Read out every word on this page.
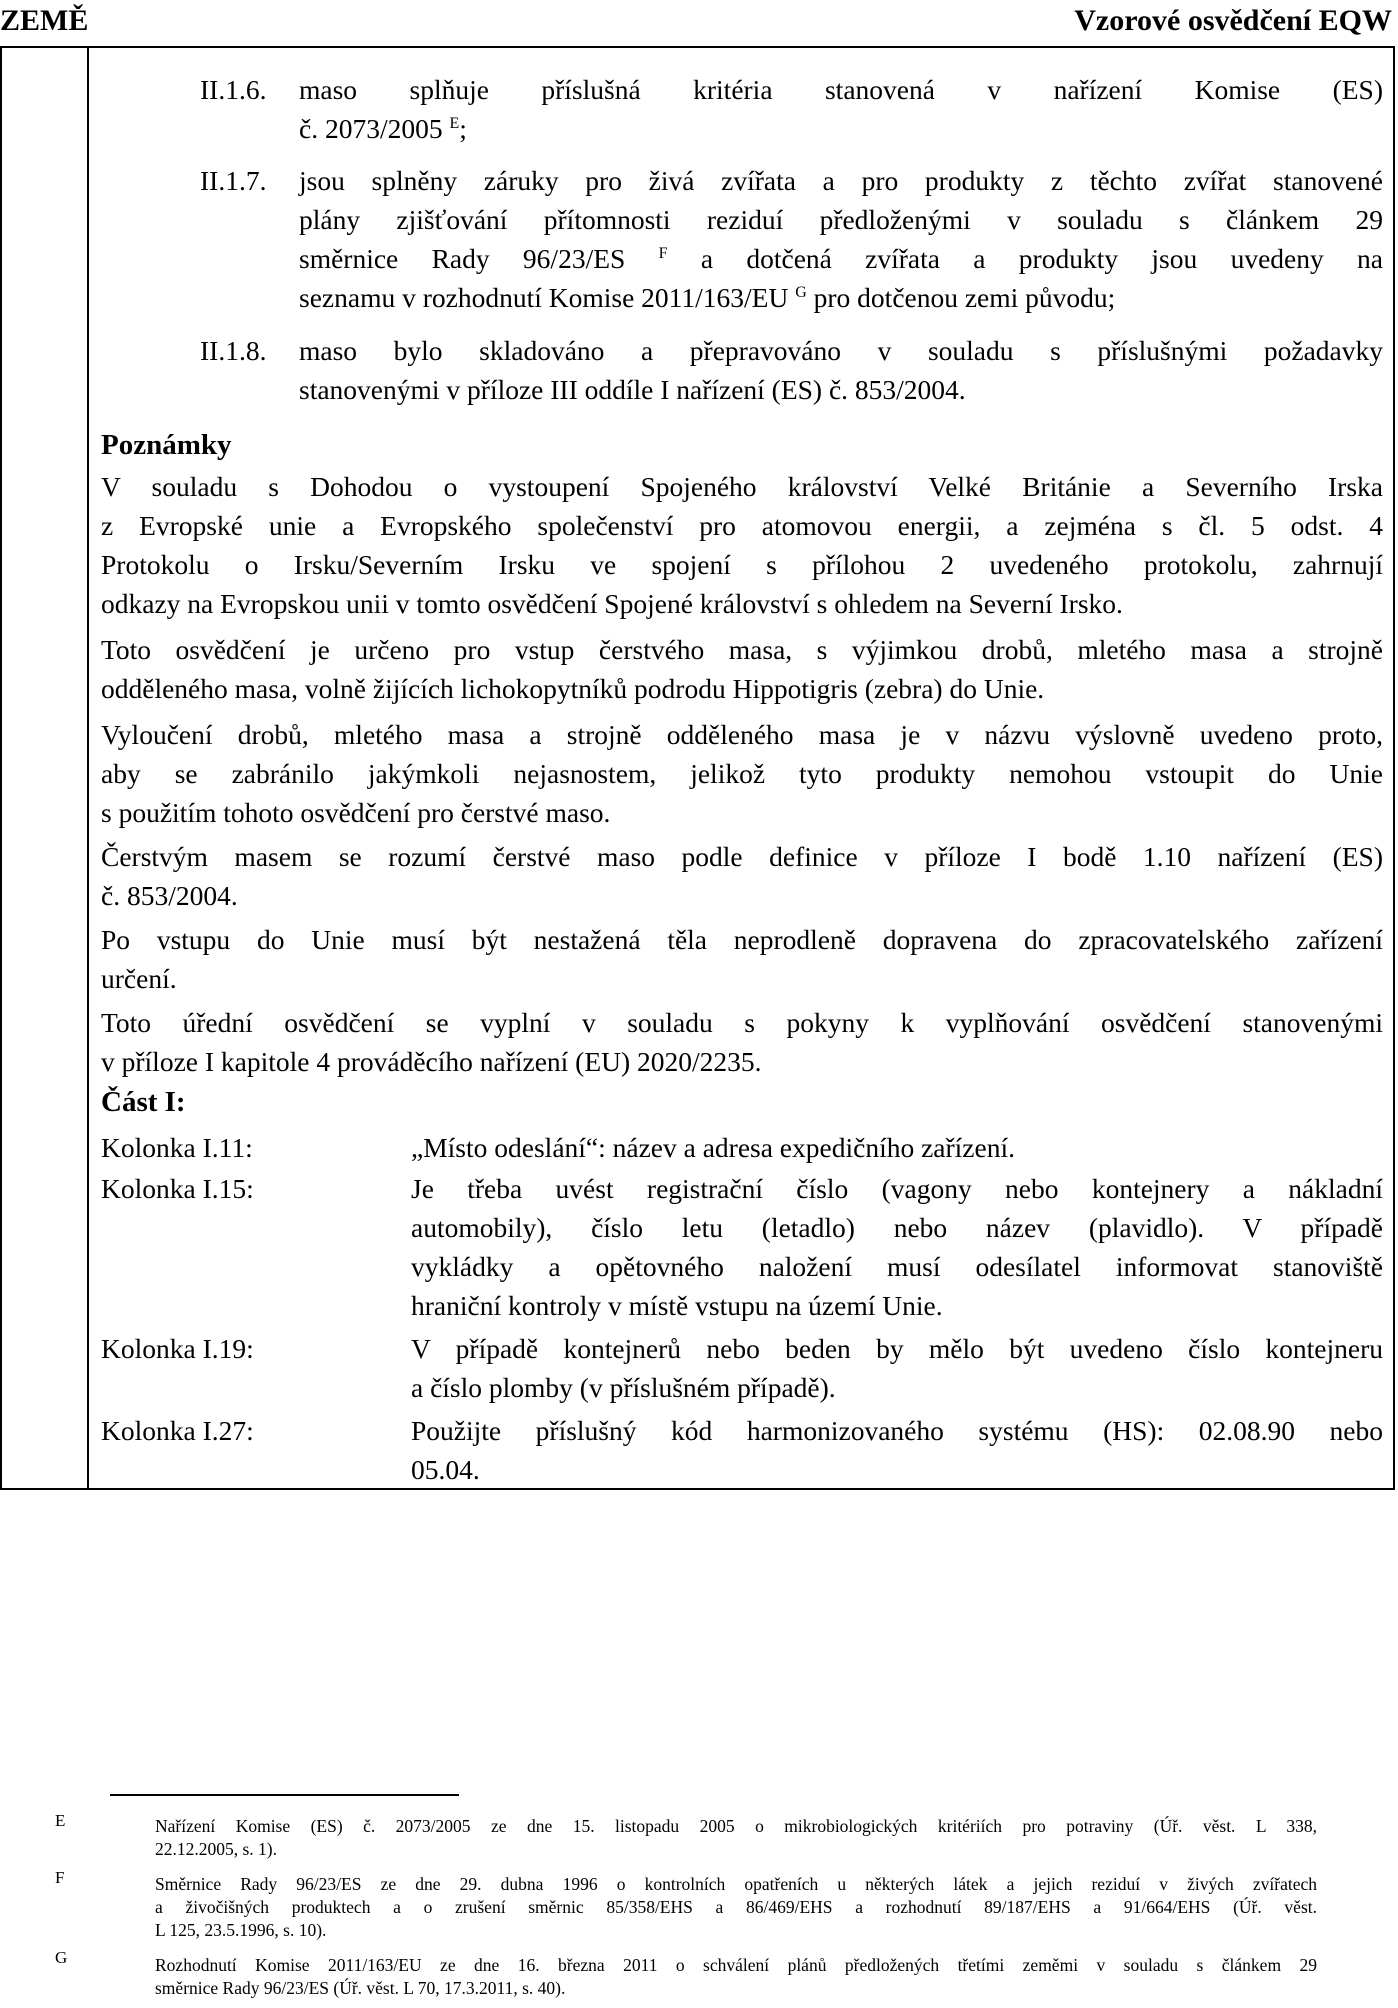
ZEMĚ	Vzorové osvědčení EQW
II.1.6. maso splňuje příslušná kritéria stanovená v nařízení Komise (ES)
č. 2073/2005 $^E$;
II.1.7. jsou splněny záruky pro živá zvířata a pro produkty z těchto zvířat stanovené
plány zjišťování přítomnosti reziduí předloženými v souladu s článkem 29
směrnice Rady 96/23/ES $^F$ a dotčená zvířata a produkty jsou uvedeny na
seznamu v rozhodnutí Komise 2011/163/EU $^G$ pro dotčenou zemi původu;
II.1.8. maso bylo skladováno a přepravováno v souladu s příslušnými požadavky
stanovenými v příloze III oddíle I nařízení (ES) č. 853/2004.
Poznámky
V souladu s Dohodou o vystoupení Spojeného království Velké Británie a Severního Irska
z Evropské unie a Evropského společenství pro atomovou energii, a zejména s čl. 5 odst. 4
Protokolu o Irsku/Severním Irsku ve spojení s přílohou 2 uvedeného protokolu, zahrnují
odkazy na Evropskou unii v tomto osvědčení Spojené království s ohledem na Severní Irsko.
Toto osvědčení je určeno pro vstup čerstvého masa, s výjimkou drobů, mletého masa a strojně
odděleného masa, volně žijících lichokopytníků podrodu Hippotigris (zebra) do Unie.
Vyloučení drobů, mletého masa a strojně odděleného masa je v názvu výslovně uvedeno proto,
aby se zabránilo jakýmkoli nejasnostem, jelikož tyto produkty nemohou vstoupit do Unie
s použitím tohoto osvědčení pro čerstvé maso.
Čerstvým masem se rozumí čerstvé maso podle definice v příloze I bodě 1.10 nařízení (ES)
č. 853/2004.
Po vstupu do Unie musí být nestažená těla neprodleně dopravena do zpracovatelského zařízení
určení.
Toto úřední osvědčení se vyplní v souladu s pokyny k vyplňování osvědčení stanovenými
v příloze I kapitole 4 prováděcího nařízení (EU) 2020/2235.
Část I:
Kolonka I.11:	„Místo odeslání“: název a adresa expedičního zařízení.
Kolonka I.15:	Je třeba uvést registrační číslo (vagony nebo kontejnery a nákladní
automobily), číslo letu (letadlo) nebo název (plavidlo). V případě
vykládky a opětovného naložení musí odesílatel informovat stanoviště
hraniční kontroly v místě vstupu na území Unie.
Kolonka I.19:	V případě kontejnerů nebo beden by mělo být uvedeno číslo kontejneru
a číslo plomby (v příslušném případě).
Kolonka I.27:	Použijte příslušný kód harmonizovaného systému (HS): 02.08.90 nebo
05.04.
E	Nařízení Komise (ES) č. 2073/2005 ze dne 15. listopadu 2005 o mikrobiologických kritériích pro potraviny (Úř. věst. L 338,
22.12.2005, s. 1).
F	Směrnice Rady 96/23/ES ze dne 29. dubna 1996 o kontrolních opatřeních u některých látek a jejich reziduí v živých zvířatech
a živočišných produktech a o zrušení směrnic 85/358/EHS a 86/469/EHS a rozhodnutí 89/187/EHS a 91/664/EHS (Úř. věst.
L 125, 23.5.1996, s. 10).
G	Rozhodnutí Komise 2011/163/EU ze dne 16. března 2011 o schválení plánů předložených třetími zeměmi v souladu s článkem 29
směrnice Rady 96/23/ES (Úř. věst. L 70, 17.3.2011, s. 40).
